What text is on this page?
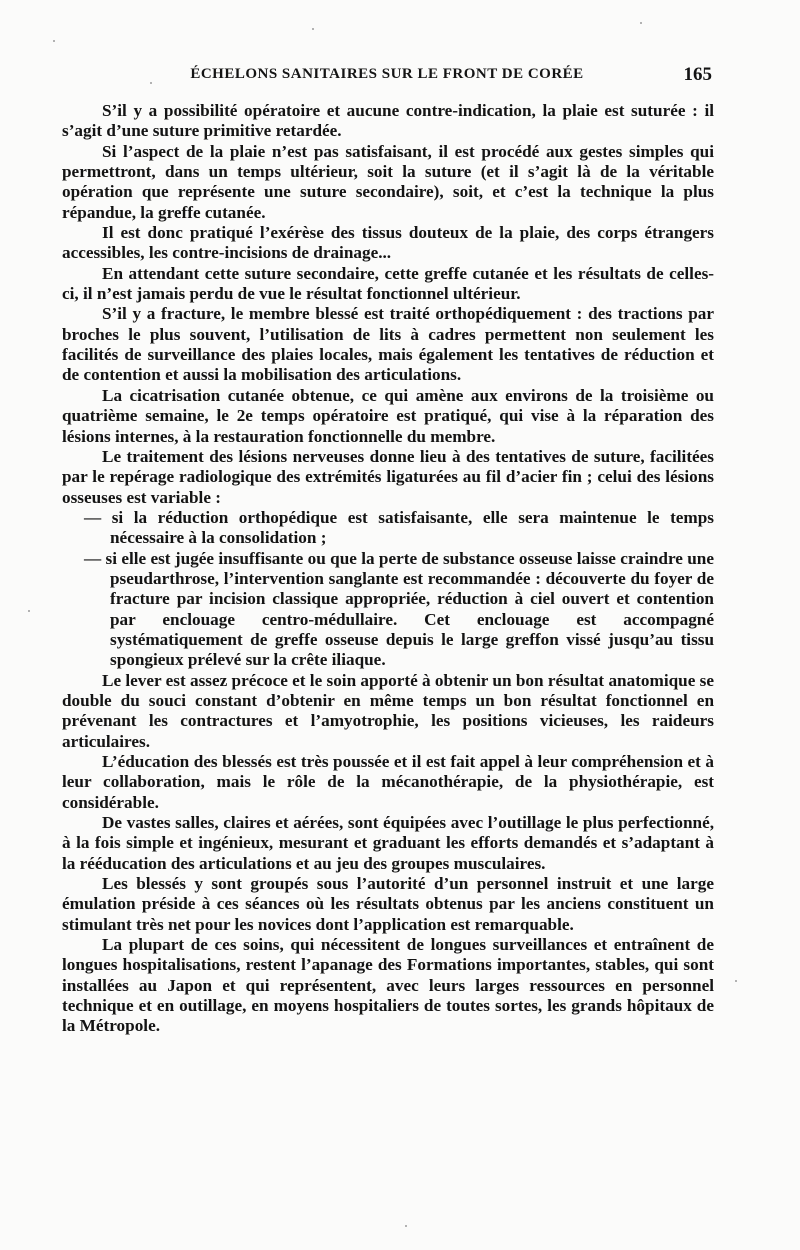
ÉCHELONS SANITAIRES SUR LE FRONT DE CORÉE	165

S’il y a possibilité opératoire et aucune contre-indication, la plaie est suturée : il s’agit d’une suture primitive retardée.

Si l’aspect de la plaie n’est pas satisfaisant, il est procédé aux gestes simples qui permettront, dans un temps ultérieur, soit la suture (et il s’agit là de la véritable opération que représente une suture secondaire), soit, et c’est la technique la plus répandue, la greffe cutanée.

Il est donc pratiqué l’exérèse des tissus douteux de la plaie, des corps étrangers accessibles, les contre-incisions de drainage...

En attendant cette suture secondaire, cette greffe cutanée et les résultats de celles-ci, il n’est jamais perdu de vue le résultat fonctionnel ultérieur.

S’il y a fracture, le membre blessé est traité orthopédiquement : des tractions par broches le plus souvent, l’utilisation de lits à cadres permettent non seulement les facilités de surveillance des plaies locales, mais également les tentatives de réduction et de contention et aussi la mobilisation des articulations.

La cicatrisation cutanée obtenue, ce qui amène aux environs de la troisième ou quatrième semaine, le 2e temps opératoire est pratiqué, qui vise à la réparation des lésions internes, à la restauration fonctionnelle du membre.

Le traitement des lésions nerveuses donne lieu à des tentatives de suture, facilitées par le repérage radiologique des extrémités ligaturées au fil d’acier fin ; celui des lésions osseuses est variable :

— si la réduction orthopédique est satisfaisante, elle sera maintenue le temps nécessaire à la consolidation ;

— si elle est jugée insuffisante ou que la perte de substance osseuse laisse craindre une pseudarthrose, l’intervention sanglante est recommandée : découverte du foyer de fracture par incision classique appropriée, réduction à ciel ouvert et contention par enclouage centro-médullaire. Cet enclouage est accompagné systématiquement de greffe osseuse depuis le large greffon vissé jusqu’au tissu spongieux prélevé sur la crête iliaque.

Le lever est assez précoce et le soin apporté à obtenir un bon résultat anatomique se double du souci constant d’obtenir en même temps un bon résultat fonctionnel en prévenant les contractures et l’amyotrophie, les positions vicieuses, les raideurs articulaires.

L’éducation des blessés est très poussée et il est fait appel à leur compréhension et à leur collaboration, mais le rôle de la mécanothérapie, de la physiothérapie, est considérable.

De vastes salles, claires et aérées, sont équipées avec l’outillage le plus perfectionné, à la fois simple et ingénieux, mesurant et graduant les efforts demandés et s’adaptant à la rééducation des articulations et au jeu des groupes musculaires.

Les blessés y sont groupés sous l’autorité d’un personnel instruit et une large émulation préside à ces séances où les résultats obtenus par les anciens constituent un stimulant très net pour les novices dont l’application est remarquable.

La plupart de ces soins, qui nécessitent de longues surveillances et entraînent de longues hospitalisations, restent l’apanage des Formations importantes, stables, qui sont installées au Japon et qui représentent, avec leurs larges ressources en personnel technique et en outillage, en moyens hospitaliers de toutes sortes, les grands hôpitaux de la Métropole.
